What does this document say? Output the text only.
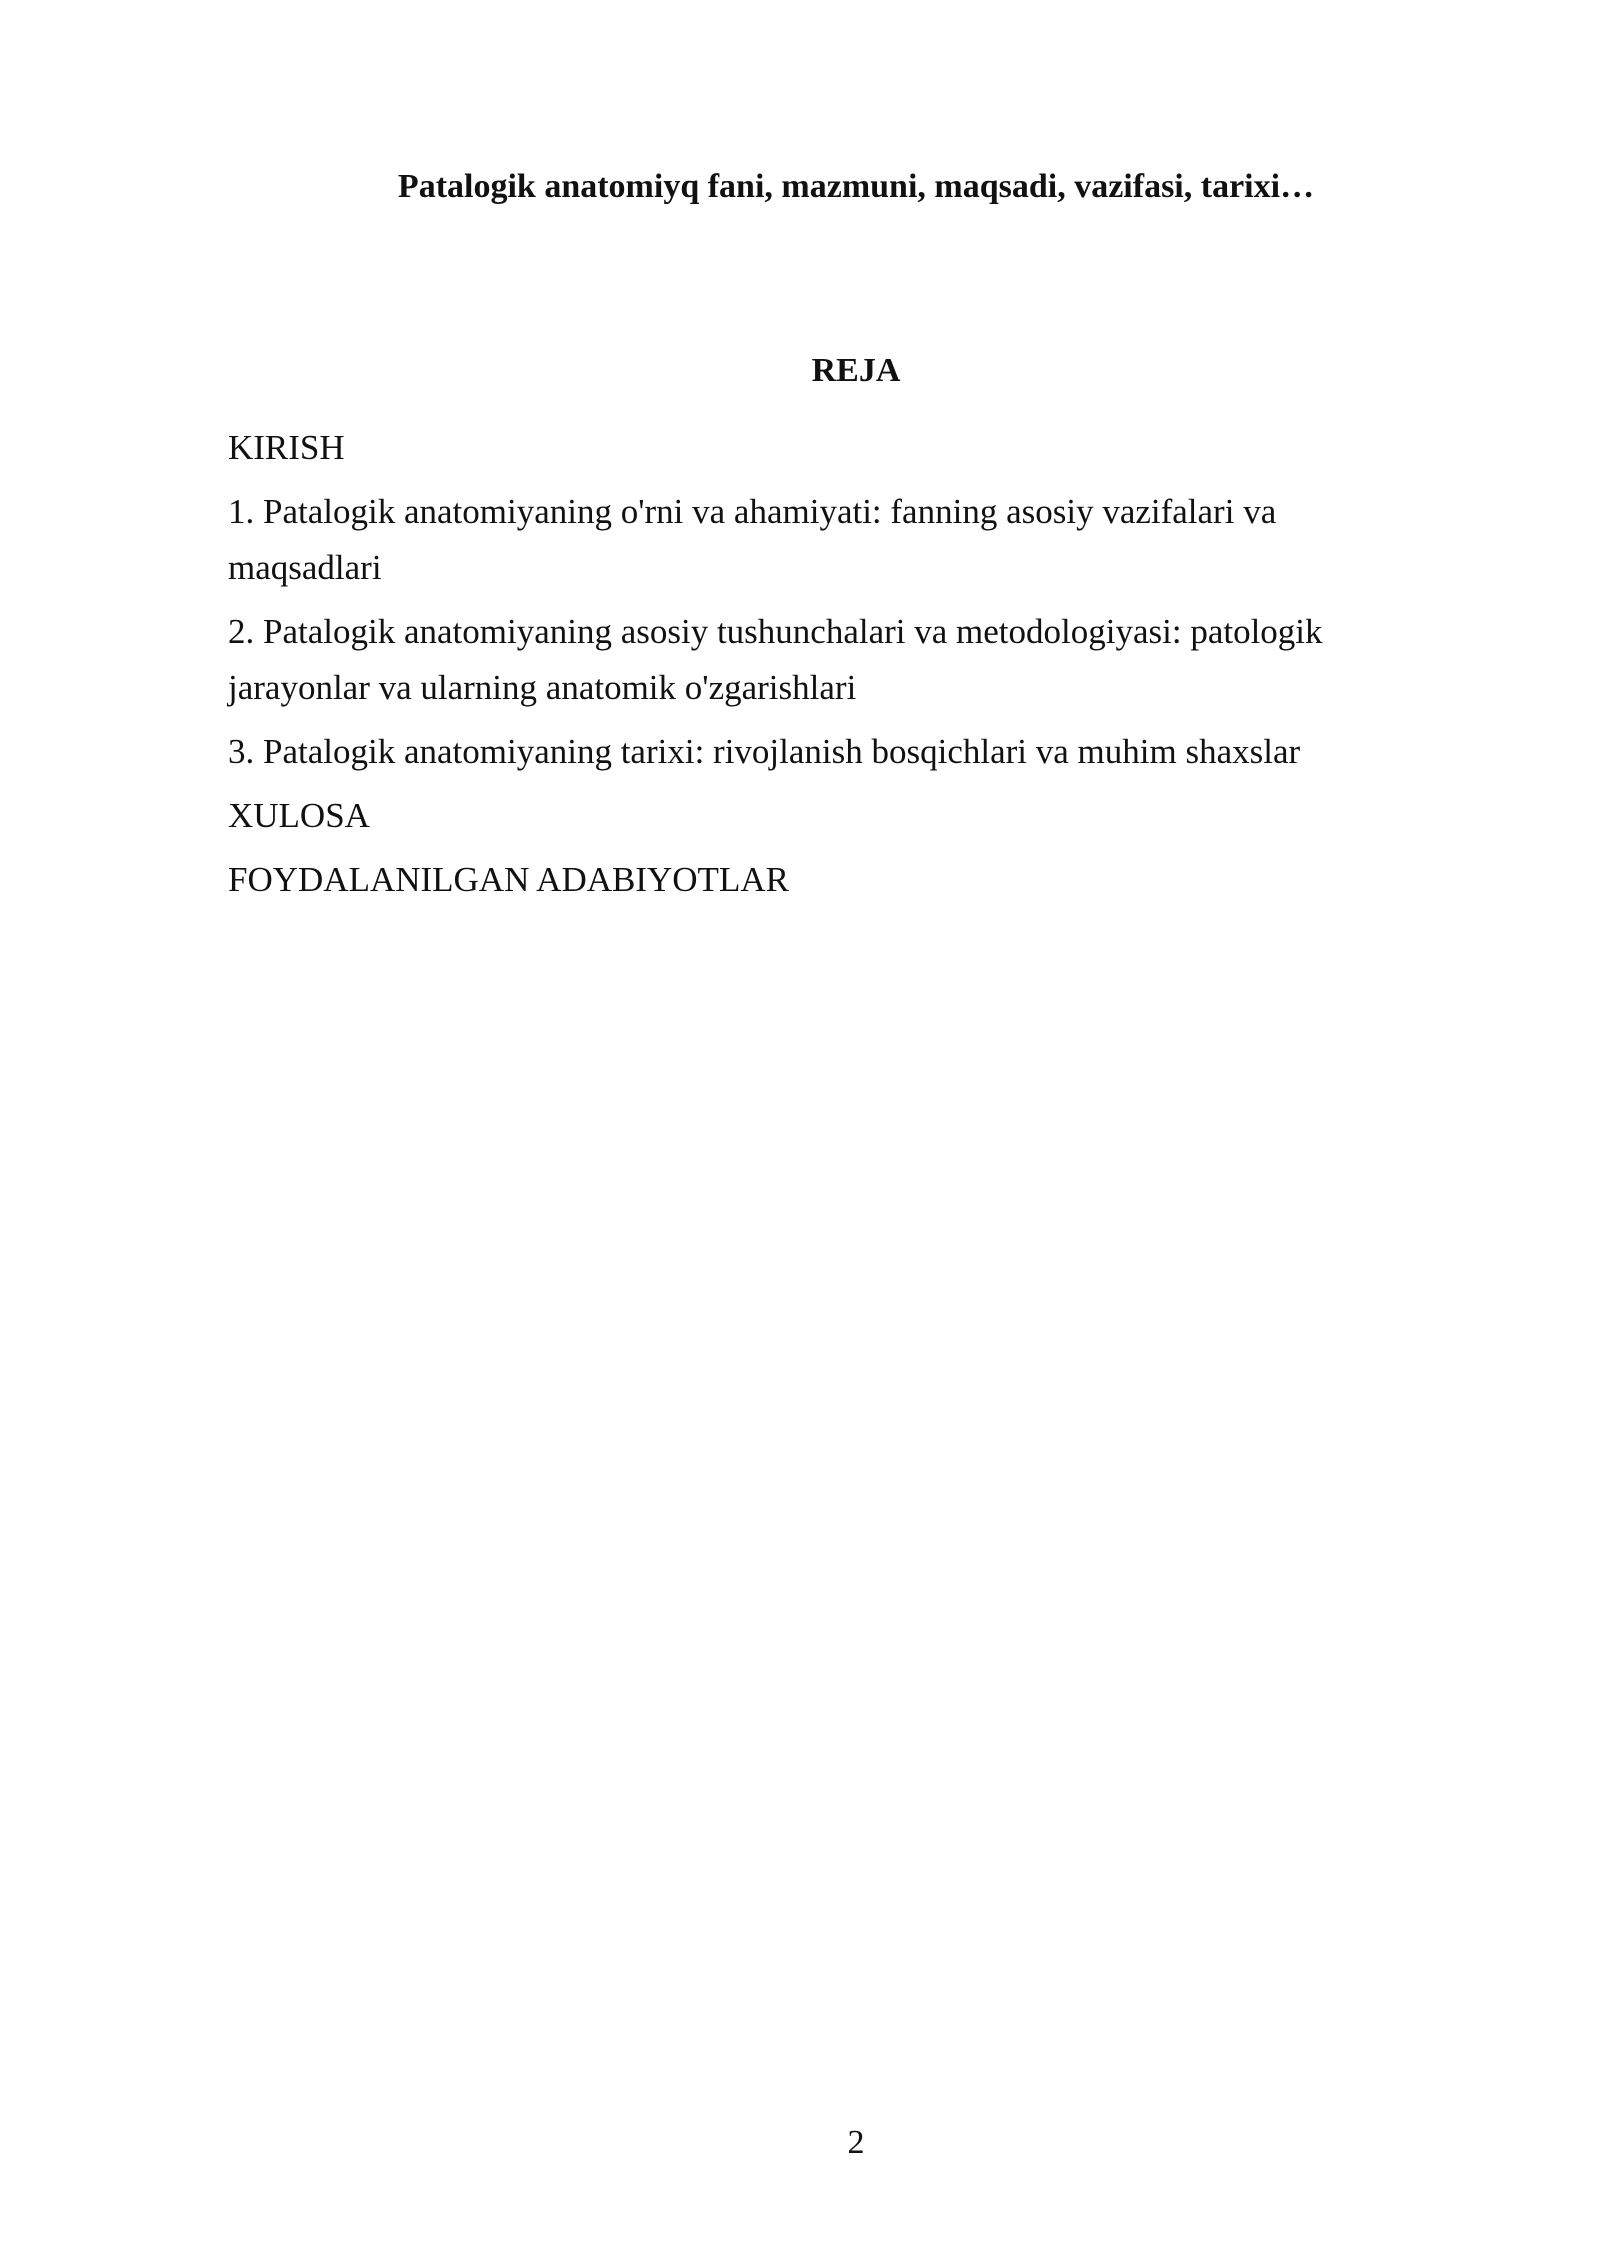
Patalogik anatomiyq fani, mazmuni, maqsadi, vazifasi, tarixi…
REJA
KIRISH
1. Patalogik anatomiyaning o'rni va ahamiyati: fanning asosiy vazifalari va maqsadlari
2. Patalogik anatomiyaning asosiy tushunchalari va metodologiyasi: patologik jarayonlar va ularning anatomik o'zgarishlari
3. Patalogik anatomiyaning tarixi: rivojlanish bosqichlari va muhim shaxslar
XULOSA
FOYDALANILGAN ADABIYOTLAR
2
